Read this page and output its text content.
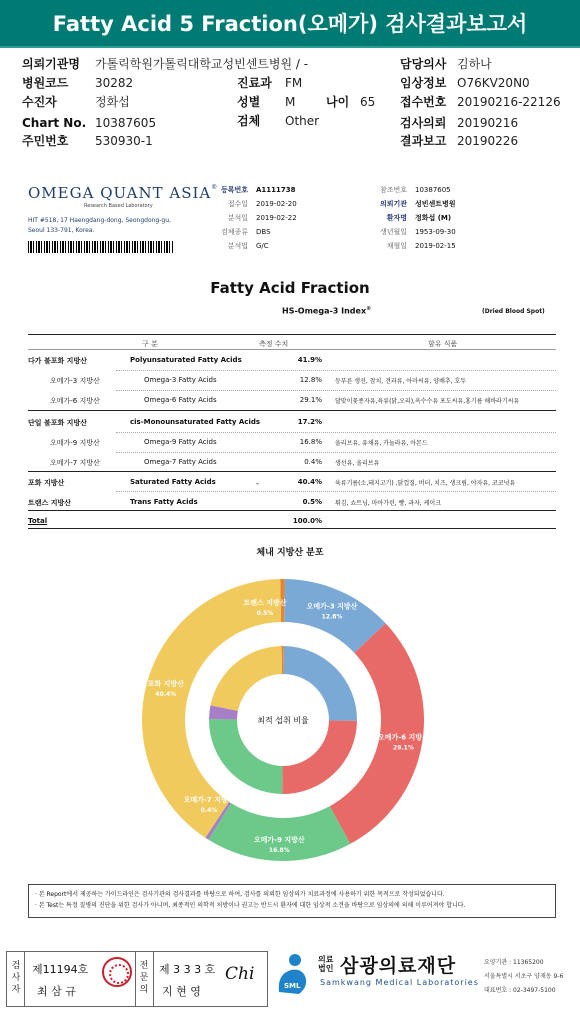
Fatty Acid 5 Fraction(오메가) 검사결과보고서
의뢰기관명 가톨릭학원가톨릭대학교성빈센트병원 / -
병원코드 30282
수진자	정화섭
Chart No. 10387605
주민번호 530930-1
진료과 FM
성별 M	나이 65
검체 Other
담당의사 김하나
임상정보 O76KV20N0
접수번호 20190216-22126
검사의뢰 20190216
결과보고 20190226
OMEGA QUANT ASIA®
Research Based Laboratory
HIT #518, 17 Haengdang-dong, Seongdong-gu,
Seoul 133-791, Korea.
등록번호 A1111738
접수일 2019-02-20
분석일 2019-02-22
검체종류 DBS
분석법 G/C
참조번호 10387605
의뢰기관 성빈센트병원
환자명 정화섭 (M)
생년월일 1953-09-30
채혈일 2019-02-15
Fatty Acid Fraction
HS-Omega-3 Index®	(Dried Blood Spot)
구 분	측정 수치	함유 식품
다가 불포화 지방산	Polyunsaturated Fatty Acids	41.9%
오메가-3 지방산	Omega-3 Fatty Acids	12.8% 등푸른 생선, 참치, 견과류, 아마씨유, 양배추, 호두
오메가-6 지방산	Omega-6 Fatty Acids	29.1% 달맞이꽃종자유,육류(닭,오리),옥수수유 포도씨유,홍기름 해바라기씨유
단일 불포화 지방산	cis-Monounsaturated Fatty Acids	17.2%
오메가-9 지방산	Omega-9 Fatty Acids	16.8% 올리브유, 유채유, 카놀라유, 아몬드
오메가-7 지방산	Omega-7 Fatty Acids	0.4% 생선유, 올리브유
포화 지방산	Saturated Fatty Acids	40.4% 육류기름(소,돼지고기) ,닭껍질, 버터, 치즈, 생크림, 야자유, 코코넛유
트랜스 지방산	Trans Fatty Acids	0.5% 튀김, 쇼트닝, 마아가린, 빵, 과자, 케이크
Total	100.0%
-
체내 지방산 분포
최적 섭취 비율
트랜스 지방산
0.5%
오메가-3 지방산
12.8%
오메가-6 지방산
29.1%
오메가-9 지방산
16.8%
오메가-7 지방산
0.4%
포화 지방산
40.4%
· 본 Report에서 제공하는 가이드라인은 검사기관의 검사결과를 바탕으로 하여, 검사를 의뢰한 임상의가 치료과정에 사용하기 위한 목적으로 작성되었습니다.
· 본 Test는 특정 질병의 진단을 위한 검사가 아니며, 최종적인 의학적 처방이나 권고는 반드시 환자에 대한 임상적 소견을 바탕으로 임상의에 의해 이루어져야 합니다.
검
사
자
제11194호
최 삼 규
전
문
의
제 3 3 3 호
지 현 영
Chi
SML
의료
법인 삼광의료재단
Samkwang Medical Laboratories
요양기관 : 11365200
서울특별시 서초구 양재동 9-6
대표번호 : 02-3497-5100
